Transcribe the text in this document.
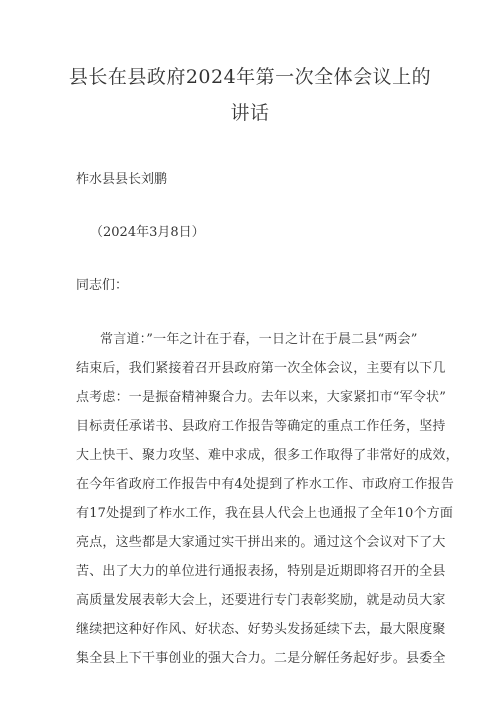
县长在县政府2024年第一次全体会议上的
讲话
柞水县县长刘鹏
（2024年3月8日）
同志们：
常言道：”一年之计在于春，一日之计在于晨二县“两会”
结束后，我们紧接着召开县政府第一次全体会议，主要有以下几
点考虑：一是振奋精神聚合力。去年以来，大家紧扣市“军令状”
目标责任承诺书、县政府工作报告等确定的重点工作任务，坚持
大上快干、聚力攻坚、难中求成，很多工作取得了非常好的成效，
在今年省政府工作报告中有4处提到了柞水工作、市政府工作报告
有17处提到了柞水工作，我在县人代会上也通报了全年10个方面
亮点，这些都是大家通过实干拼出来的。通过这个会议对下了大
苦、出了大力的单位进行通报表扬，特别是近期即将召开的全县
高质量发展表彰大会上，还要进行专门表彰奖励，就是动员大家
继续把这种好作风、好状态、好势头发扬延续下去，最大限度聚
集全县上下干事创业的强大合力。二是分解任务起好步。县委全
